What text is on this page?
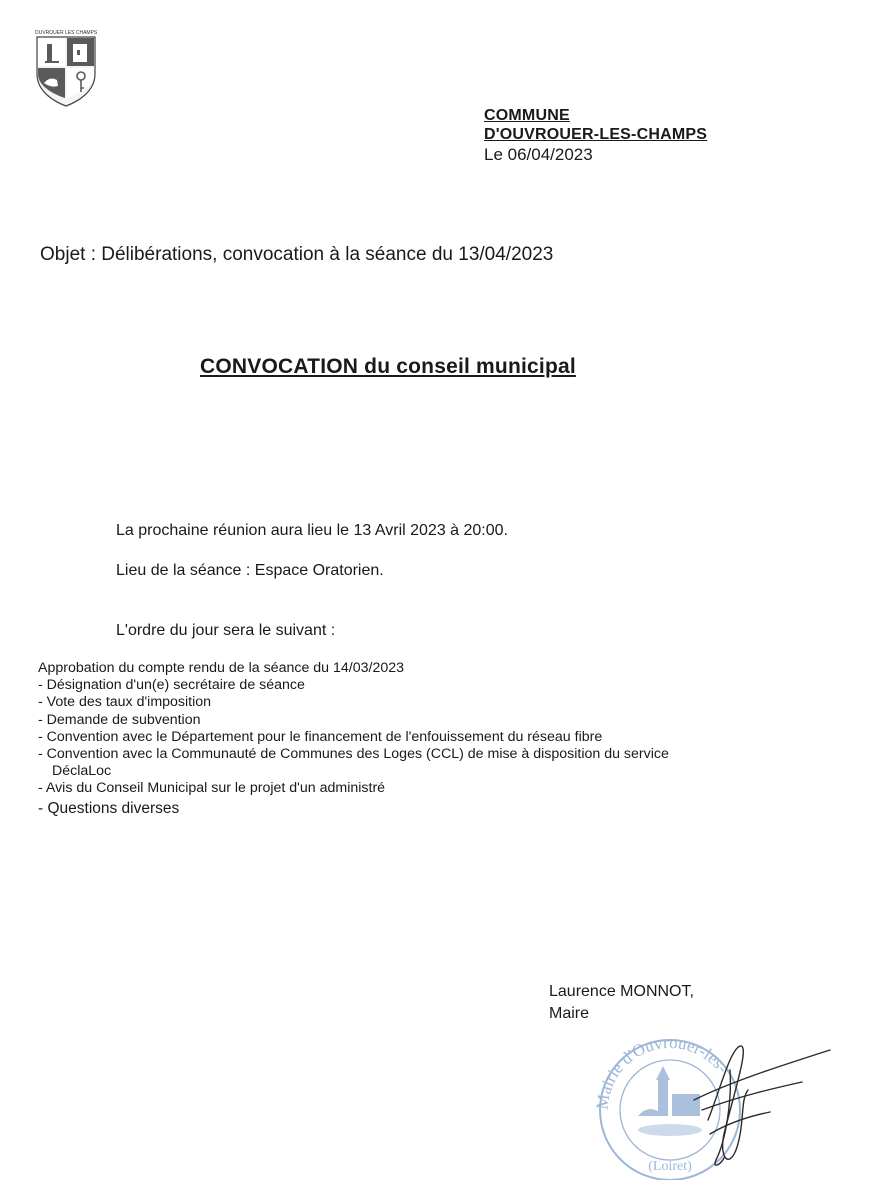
OUVROUER LES CHAMPS
COMMUNE
D'OUVROUER-LES-CHAMPS
Le 06/04/2023
Objet : Délibérations, convocation à la séance du 13/04/2023
CONVOCATION du conseil municipal
La prochaine réunion aura lieu le 13 Avril 2023 à 20:00.
Lieu de la séance : Espace Oratorien.
L'ordre du jour sera le suivant :
Approbation du compte rendu de la séance du 14/03/2023
- Désignation d'un(e) secrétaire de séance
- Vote des taux d'imposition
- Demande de subvention
- Convention avec le Département pour le financement de l'enfouissement du réseau fibre
- Convention avec la Communauté de Communes des Loges (CCL) de mise à disposition du service
DéclaLoc
- Avis du Conseil Municipal sur le projet d'un administré
- Questions diverses
Laurence MONNOT,
Maire
Mairie d'Ouvrouer-les-
(Loiret)
